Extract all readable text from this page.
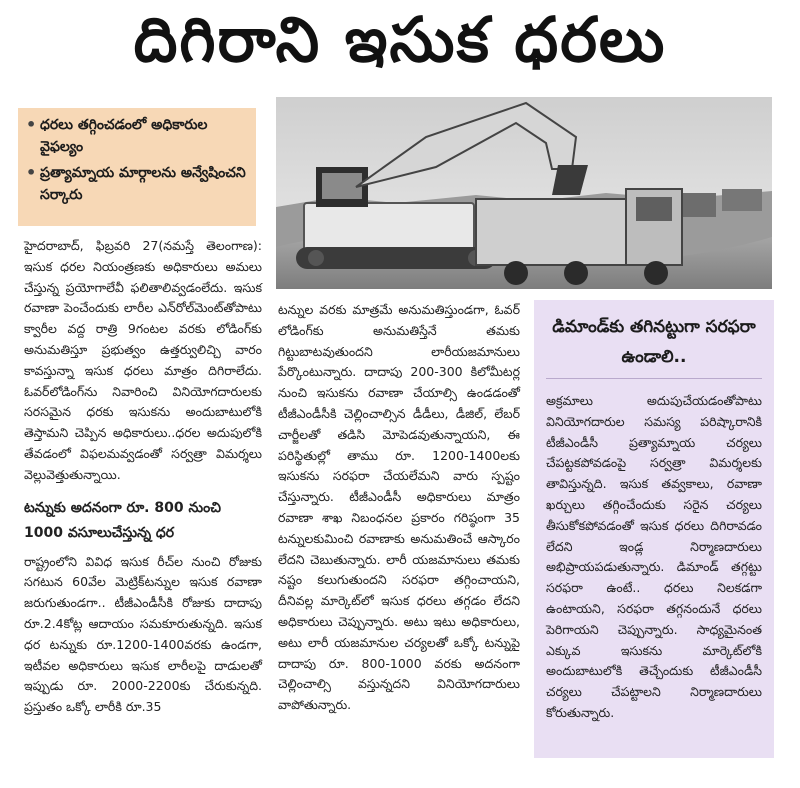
దిగిరాని ఇసుక ధరలు
• ధరలు తగ్గించడంలో అధికారుల వైఫల్యం
• ప్రత్యామ్నాయ మార్గాలను అన్వేషించని సర్కారు

హైదరాబాద్, ఫిబ్రవరి 27(నమస్తే తెలంగాణ): ఇసుక ధరల నియంత్రణకు అధికారులు అమలు చేస్తున్న ప్రయోగాలేవీ ఫలితాలివ్వడంలేదు. ఇసుక రవాణా పెంచేందుకు లారీల ఎన్‌రోల్‌మెంట్‌తోపాటు క్వారీల వద్ద రాత్రి 9గంటల వరకు లోడింగ్‌కు అనుమతిస్తూ ప్రభుత్వం ఉత్తర్వులిచ్చి వారం కావస్తున్నా ఇసుక ధరలు మాత్రం దిగిరాలేదు. ఓవర్‌లోడింగ్‌ను నివారించి వినియోగదారులకు సరసమైన ధరకు ఇసుకను అందుబాటులోకి తెస్తామని చెప్పిన అధికారులు..ధరల అదుపులోకి తేవడంలో విఫలమవ్వడంతో సర్వత్రా విమర్శలు వెల్లువెత్తుతున్నాయి.

టన్నుకు అదనంగా రూ. 800 నుంచి 1000 వసూలుచేస్తున్న ధర

రాష్ట్రంలోని వివిధ ఇసుక రీచ్‌ల నుంచి రోజుకు సగటున 60వేల మెట్రిక్‌టన్నుల ఇసుక రవాణా జరుగుతుండగా.. టీజీఎండీసీకి రోజుకు దాదాపు రూ.2.4కోట్ల ఆదాయం సమకూరుతున్నది. ఇసుక ధర టన్నుకు రూ.1200-1400వరకు ఉండగా, ఇటీవల అధికారులు ఇసుక లారీలపై దాడులతో ఇప్పుడు రూ. 2000-2200కు చేరుకున్నది. ప్రస్తుతం ఒక్కో లారీకి రూ.35

టన్నుల వరకు మాత్రమే అనుమతిస్తుండగా, ఓవర్ లోడింగ్‌కు అనుమతిస్తేనే తమకు గిట్టుబాటవుతుందని లారీయజమానులు పేర్కొంటున్నారు. దాదాపు 200-300 కిలోమీటర్ల నుంచి ఇసుకను రవాణా చేయాల్సి ఉండడంతో టీజీఎండీసీకి చెల్లించాల్సిన డీడీలు, డీజిల్, లేబర్ చార్జీలతో తడిసి మోపెడవుతున్నాయని, ఈ పరిస్థితుల్లో తాము రూ. 1200-1400లకు ఇసుకను సరఫరా చేయలేమని వారు స్పష్టం చేస్తున్నారు. టీజీఎండీసీ అధికారులు మాత్రం రవాణా శాఖ నిబంధనల ప్రకారం గరిష్ఠంగా 35 టన్నులకుమించి రవాణాకు అనుమతించే ఆస్కారం లేదని చెబుతున్నారు. లారీ యజమానులు తమకు నష్టం కలుగుతుందని సరఫరా తగ్గించాయని, దీనివల్ల మార్కెట్‌లో ఇసుక ధరలు తగ్గడం లేదని అధికారులు చెప్పున్నారు. అటు ఇటు అధికారులు, అటు లారీ యజమానుల చర్యలతో ఒక్కో టన్నుపై దాదాపు రూ. 800-1000 వరకు అదనంగా చెల్లించాల్సి వస్తున్నదని వినియోగదారులు వాపోతున్నారు.

డిమాండ్‌కు తగినట్టుగా సరఫరా ఉండాలి..

అక్రమాలు అదుపుచేయడంతోపాటు వినియోగదారుల సమస్య పరిష్కారానికి టీజీఎండీసీ ప్రత్యామ్నాయ చర్యలు చేపట్టకపోవడంపై సర్వత్రా విమర్శలకు తావిస్తున్నది. ఇసుక తవ్వకాలు, రవాణా ఖర్చులు తగ్గించేందుకు సరైన చర్యలు తీసుకోకపోవడంతో ఇసుక ధరలు దిగిరావడం లేదని ఇండ్ల నిర్మాణదారులు అభిప్రాయపడుతున్నారు. డిమాండ్ తగ్గట్టు సరఫరా ఉంటే.. ధరలు నిలకడగా ఉంటాయని, సరఫరా తగ్గనందునే ధరలు పెరిగాయని చెప్పున్నారు. సాధ్యమైనంత ఎక్కువ ఇసుకను మార్కెట్‌లోకి అందుబాటులోకి తెచ్చేందుకు టీజీఎండీసీ చర్యలు చేపట్టాలని నిర్మాణదారులు కోరుతున్నారు.
